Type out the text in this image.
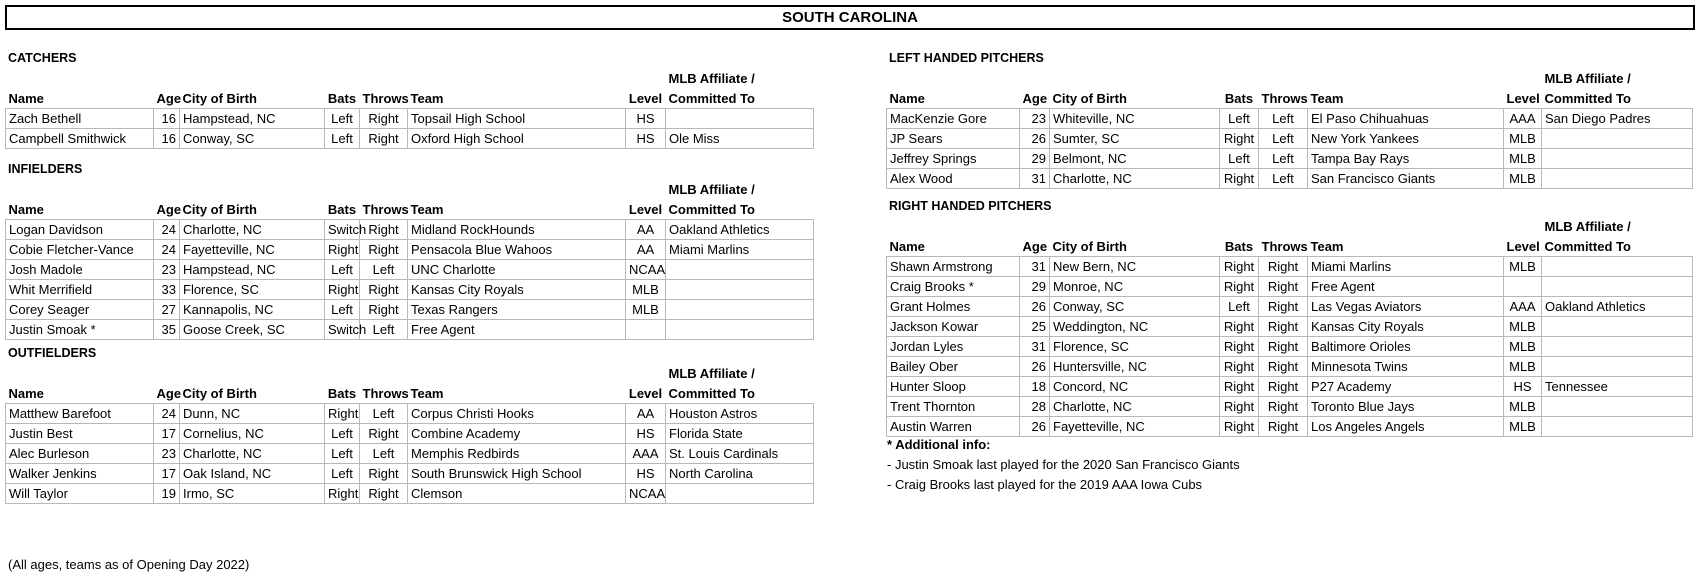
SOUTH CAROLINA
CATCHERS
							MLB Affiliate /
Name	Age	City of Birth	Bats	Throws	Team	Level	Committed To
Zach Bethell	16	Hampstead, NC	Left	Right	Topsail High School	HS	
Campbell Smithwick	16	Conway, SC	Left	Right	Oxford High School	HS	Ole Miss
INFIELDERS
							MLB Affiliate /
Name	Age	City of Birth	Bats	Throws	Team	Level	Committed To
Logan Davidson	24	Charlotte, NC	Switch	Right	Midland RockHounds	AA	Oakland Athletics
Cobie Fletcher-Vance	24	Fayetteville, NC	Right	Right	Pensacola Blue Wahoos	AA	Miami Marlins
Josh Madole	23	Hampstead, NC	Left	Left	UNC Charlotte	NCAA	
Whit Merrifield	33	Florence, SC	Right	Right	Kansas City Royals	MLB	
Corey Seager	27	Kannapolis, NC	Left	Right	Texas Rangers	MLB	
Justin Smoak *	35	Goose Creek, SC	Switch	Left	Free Agent		
OUTFIELDERS
							MLB Affiliate /
Name	Age	City of Birth	Bats	Throws	Team	Level	Committed To
Matthew Barefoot	24	Dunn, NC	Right	Left	Corpus Christi Hooks	AA	Houston Astros
Justin Best	17	Cornelius, NC	Left	Right	Combine Academy	HS	Florida State
Alec Burleson	23	Charlotte, NC	Left	Left	Memphis Redbirds	AAA	St. Louis Cardinals
Walker Jenkins	17	Oak Island, NC	Left	Right	South Brunswick High School	HS	North Carolina
Will Taylor	19	Irmo, SC	Right	Right	Clemson	NCAA	
LEFT HANDED PITCHERS
							MLB Affiliate /
Name	Age	City of Birth	Bats	Throws	Team	Level	Committed To
MacKenzie Gore	23	Whiteville, NC	Left	Left	El Paso Chihuahuas	AAA	San Diego Padres
JP Sears	26	Sumter, SC	Right	Left	New York Yankees	MLB	
Jeffrey Springs	29	Belmont, NC	Left	Left	Tampa Bay Rays	MLB	
Alex Wood	31	Charlotte, NC	Right	Left	San Francisco Giants	MLB	
RIGHT HANDED PITCHERS
							MLB Affiliate /
Name	Age	City of Birth	Bats	Throws	Team	Level	Committed To
Shawn Armstrong	31	New Bern, NC	Right	Right	Miami Marlins	MLB	
Craig Brooks *	29	Monroe, NC	Right	Right	Free Agent		
Grant Holmes	26	Conway, SC	Left	Right	Las Vegas Aviators	AAA	Oakland Athletics
Jackson Kowar	25	Weddington, NC	Right	Right	Kansas City Royals	MLB	
Jordan Lyles	31	Florence, SC	Right	Right	Baltimore Orioles	MLB	
Bailey Ober	26	Huntersville, NC	Right	Right	Minnesota Twins	MLB	
Hunter Sloop	18	Concord, NC	Right	Right	P27 Academy	HS	Tennessee
Trent Thornton	28	Charlotte, NC	Right	Right	Toronto Blue Jays	MLB	
Austin Warren	26	Fayetteville, NC	Right	Right	Los Angeles Angels	MLB	
* Additional info:
- Justin Smoak last played for the 2020 San Francisco Giants
- Craig Brooks last played for the 2019 AAA Iowa Cubs
(All ages, teams as of Opening Day 2022)
